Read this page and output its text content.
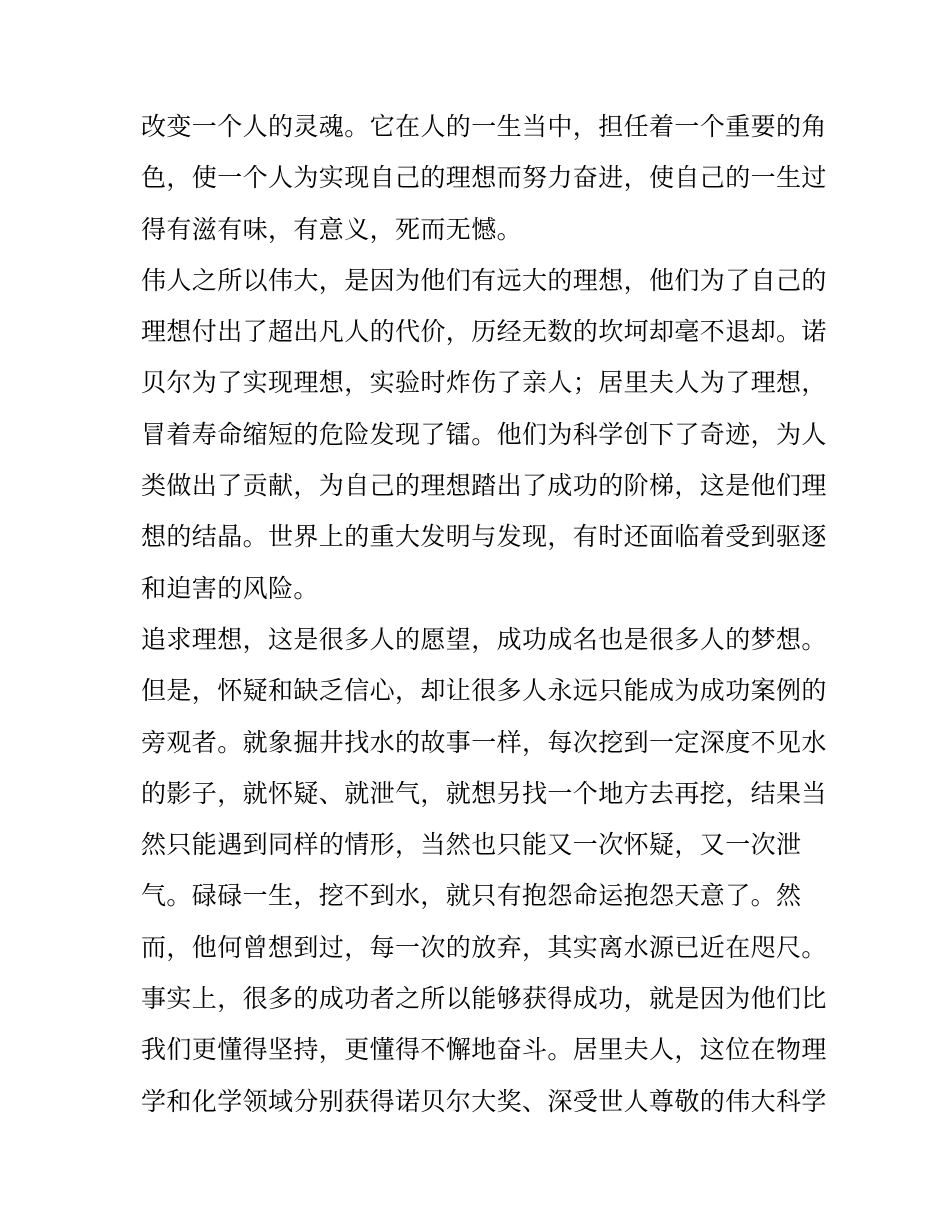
改变一个人的灵魂。它在人的一生当中，担任着一个重要的角
色，使一个人为实现自己的理想而努力奋进，使自己的一生过
得有滋有味，有意义，死而无憾。
伟人之所以伟大，是因为他们有远大的理想，他们为了自己的
理想付出了超出凡人的代价，历经无数的坎坷却毫不退却。诺
贝尔为了实现理想，实验时炸伤了亲人；居里夫人为了理想，
冒着寿命缩短的危险发现了镭。他们为科学创下了奇迹，为人
类做出了贡献，为自己的理想踏出了成功的阶梯，这是他们理
想的结晶。世界上的重大发明与发现，有时还面临着受到驱逐
和迫害的风险。
追求理想，这是很多人的愿望，成功成名也是很多人的梦想。
但是，怀疑和缺乏信心，却让很多人永远只能成为成功案例的
旁观者。就象掘井找水的故事一样，每次挖到一定深度不见水
的影子，就怀疑、就泄气，就想另找一个地方去再挖，结果当
然只能遇到同样的情形，当然也只能又一次怀疑，又一次泄
气。碌碌一生，挖不到水，就只有抱怨命运抱怨天意了。然
而，他何曾想到过，每一次的放弃，其实离水源已近在咫尺。
事实上，很多的成功者之所以能够获得成功，就是因为他们比
我们更懂得坚持，更懂得不懈地奋斗。居里夫人，这位在物理
学和化学领域分别获得诺贝尔大奖、深受世人尊敬的伟大科学
